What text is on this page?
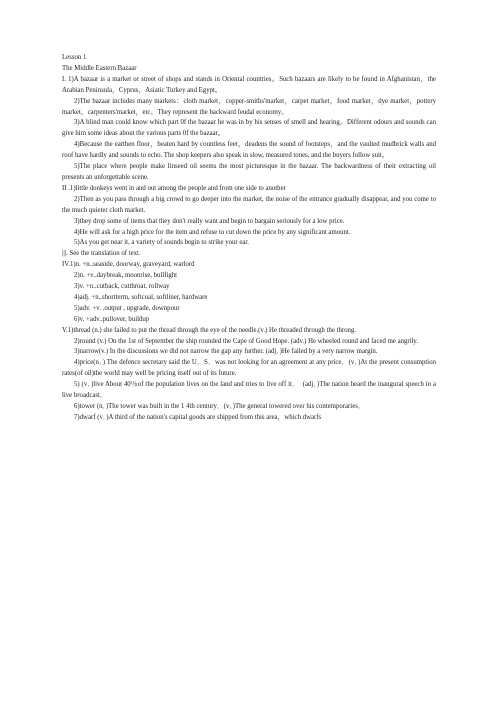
Lesson 1

The Middle Eastern Bazaar

I. 1)A bazaar is a market or street of shops and stands in Oriental countries。Such bazaars are likely to be found in Afghanistan，the Arabian Peninsula，Cyprus，Asiatic Turkey and Egypt。

2)The bazaar includes many markets：cloth market，copper-smiths'market，carpet market，food market，dye market，pottery market，carpenters'market，etc。They represent the backward feudal economy。

3)A blind man could know which part 0f the bazaar he was in by his senses of smell and hearing。Different odours and sounds can give him some ideas about the various parts 0f the bazaar。

4)Because the earthen floor，beaten hard by countless feet，deadens the sound of footsteps，and the vaulted mudbrick walls and roof have hardly and sounds to echo. The shop keepers also speak in slow, measured tones, and the buyers follow suit。

5)The place where people make linseed oil seems the most picturesque in the bazaar. The backwardness of their extracting oil presents an unforgettable scene.

II .1)little donkeys went in and out among the people and from one side to another

2)Then as you pass through a big crowd to go deeper into the market, the noise of the entrance gradually disappear, and you come to the much quieter cloth market.

3)they drop some of items that they don't really want and begin to bargain seriously for a low price.

4)He will ask for a high price for the item and refuse to cut down the price by any significant amount.

5)As you get near it, a variety of sounds begin to strike your ear.

|||. See the translation of text.

IV.1)n. +n..seaside, doorway, graveyard, warlord

2)n. +v..daybreak, moonrise, bullfight

3)v. +n..cutback, cutthroat, rollway

4)adj. +n..shortterm, softcoal, softliner, hardware

5)adv. +v. .output , upgrade, downpour

6)v. +adv..pullover, buildup

V.1)thread (n.) she failed to put the thread through the eye of the needle.(v.) He threaded through the throng.

2)round (v.) On the 1st of September the ship rounded the Cape of Good Hope. (adv.) He wheeled round and faced me angrily.

3)narrow(v.) In the discussions we did not narrow the gap any further. (adj．)He failed by a very narrow margin.

4)price(n．) The defence secretary said the U．S．was not looking for an agreement at any price．(v．)At the present consumption rates(of oil)the world may well be pricing itself out of its future.

5) (v．)live About 40％of the population lives on the land and tries to live off it．　(adj．)The nation heard the inaugural speech in a live broadcast．

6)tower (n．)The tower was built in the 1 4th century．(v．)The general towered over his contemporaries．

7)dwarf (v．)A third of the nation's capital goods are shipped from this area，which dwarfs
